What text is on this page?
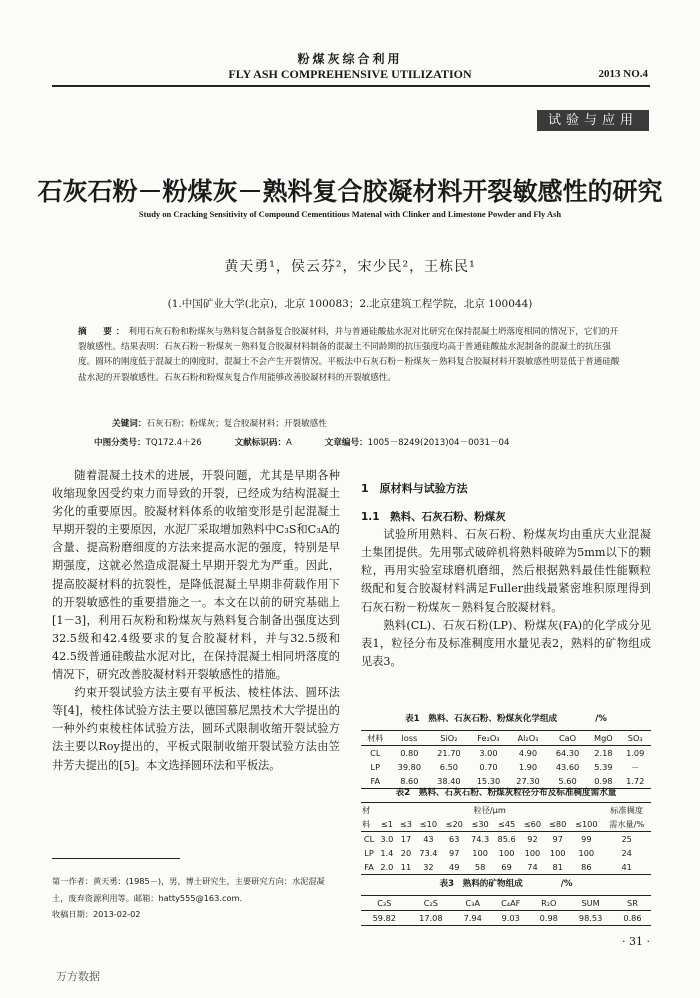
粉煤灰综合利用
FLY ASH COMPREHENSIVE UTILIZATION	2013 NO.4
试验与应用
石灰石粉－粉煤灰－熟料复合胶凝材料开裂敏感性的研究
Study on Cracking Sensitivity of Compound Cementitious Matenal with Clinker and Limestone Powder and Fly Ash
黄天勇¹，侯云芬²，宋少民²，王栋民¹
(1.中国矿业大学(北京)，北京 100083；2.北京建筑工程学院，北京 100044)
摘　要：利用石灰石粉和粉煤灰与熟料复合制备复合胶凝材料，并与普通硅酸盐水泥对比研究在保持混凝土坍落度相同的情况下，它们的开裂敏感性。结果表明：石灰石粉－粉煤灰－熟料复合胶凝材料制备的混凝土不同龄期的抗压强度均高于普通硅酸盐水泥制备的混凝土的抗压强度。圆环的刚度低于混凝土的刚度时，混凝土不会产生开裂情况。平板法中石灰石粉－粉煤灰－熟料复合胶凝材料开裂敏感性明显低于普通硅酸盐水泥的开裂敏感性。石灰石粉和粉煤灰复合作用能够改善胶凝材料的开裂敏感性。
关键词：石灰石粉；粉煤灰；复合胶凝材料；开裂敏感性
中图分类号：TQ172.4＋26	文献标识码：A	文章编号：1005－8249(2013)04－0031－04

随着混凝土技术的进展，开裂问题，尤其是早期各种收缩现象因受约束力而导致的开裂，已经成为结构混凝土劣化的重要原因。胶凝材料体系的收缩变形是引起混凝土早期开裂的主要原因，水泥厂采取增加熟料中C₃S和C₃A的含量、提高粉磨细度的方法来提高水泥的强度，特别是早期强度，这就必然造成混凝土早期开裂尤为严重。因此，提高胶凝材料的抗裂性，是降低混凝土早期非荷载作用下的开裂敏感性的重要措施之一。本文在以前的研究基础上[1－3]，利用石灰粉和粉煤灰与熟料复合制备出强度达到32.5级和42.4级要求的复合胶凝材料，并与32.5级和42.5级普通硅酸盐水泥对比，在保持混凝土相同坍落度的情况下，研究改善胶凝材料开裂敏感性的措施。

约束开裂试验方法主要有平板法、棱柱体法、圆环法等[4]，棱柱体试验方法主要以德国慕尼黑技术大学提出的一种外约束棱柱体试验方法，圆环式限制收缩开裂试验方法主要以Roy提出的，平板式限制收缩开裂试验方法由笠井芳夫提出的[5]。本文选择圆环法和平板法。

第一作者：黄天勇：(1985－)，男，博士研究生，主要研究方向：水泥混凝土，废弃资源利用等。邮箱：hatty555@163.com.

收稿日期：2013-02-02

1　原材料与试验方法

1.1　熟料、石灰石粉、粉煤灰

试验所用熟料、石灰石粉、粉煤灰均由重庆大业混凝土集团提供。先用鄂式破碎机将熟料破碎为5mm以下的颗粒，再用实验室球磨机磨细，然后根据熟料最佳性能颗粒级配和复合胶凝材料满足Fuller曲线最紧密堆积原理得到石灰石粉－粉煤灰－熟料复合胶凝材料。

熟料(CL)、石灰石粉(LP)、粉煤灰(FA)的化学成分见表1，粒径分布及标准稠度用水量见表2，熟料的矿物组成见表3。

表1　熟料、石灰石粉、粉煤灰化学组成	/%
材料	loss	SiO₂	Fe₂O₃	Al₂O₃	CaO	MgO	SO₃
CL	0.80	21.70	3.00	4.90	64.30	2.18	1.09
LP	39.80	6.50	0.70	1.90	43.60	5.39	－
FA	8.60	38.40	15.30	27.30	5.60	0.98	1.72
表2　熟料、石灰石粉、粉煤灰粒径分布及标准稠度需水量
材	粒径/μm									标准稠度
料	≤1	≤3	≤10	≤20	≤30	≤45	≤60	≤80	≤100	需水量/%
CL	3.0	17	43	63	74.3	85.6	92	97	99	25
LP	1.4	20	73.4	97	100	100	100	100	100	24
FA	2.0	11	32	49	58	69	74	81	86	41
表3　熟料的矿物组成	/%
C₃S	C₂S	C₃A	C₄AF	R₂O	SUM	SR
59.82	17.08	7.94	9.03	0.98	98.53	0.86
· 31 ·
万方数据
